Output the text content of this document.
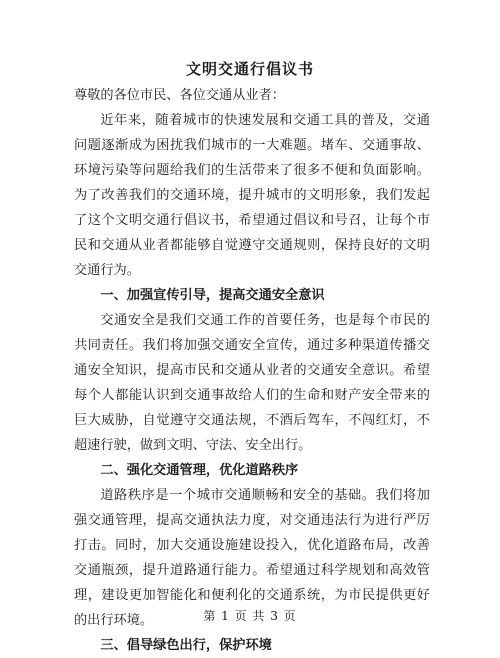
文明交通行倡议书

尊敬的各位市民、各位交通从业者：

近年来，随着城市的快速发展和交通工具的普及，交通问题逐渐成为困扰我们城市的一大难题。堵车、交通事故、环境污染等问题给我们的生活带来了很多不便和负面影响。为了改善我们的交通环境，提升城市的文明形象，我们发起了这个文明交通行倡议书，希望通过倡议和号召，让每个市民和交通从业者都能够自觉遵守交通规则，保持良好的文明交通行为。

一、加强宣传引导，提高交通安全意识

交通安全是我们交通工作的首要任务，也是每个市民的共同责任。我们将加强交通安全宣传，通过多种渠道传播交通安全知识，提高市民和交通从业者的交通安全意识。希望每个人都能认识到交通事故给人们的生命和财产安全带来的巨大威胁，自觉遵守交通法规，不酒后驾车，不闯红灯，不超速行驶，做到文明、守法、安全出行。

二、强化交通管理，优化道路秩序

道路秩序是一个城市交通顺畅和安全的基础。我们将加强交通管理，提高交通执法力度，对交通违法行为进行严厉打击。同时，加大交通设施建设投入，优化道路布局，改善交通瓶颈，提升道路通行能力。希望通过科学规划和高效管理，建设更加智能化和便利化的交通系统，为市民提供更好的出行环境。

三、倡导绿色出行，保护环境

第 1 页 共 3 页
